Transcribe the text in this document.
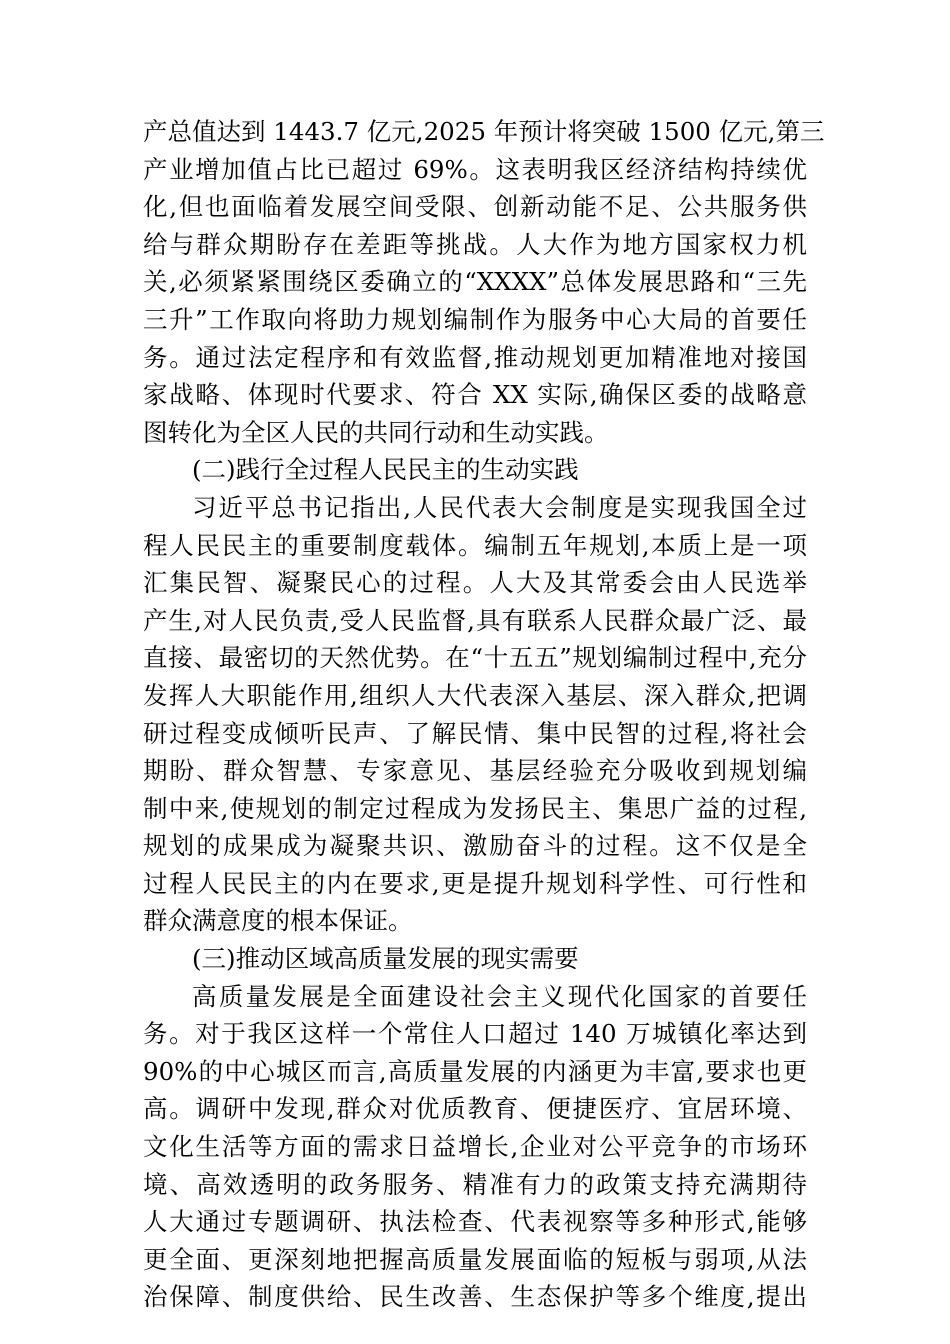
产总值达到 1443.7 亿元,2025 年预计将突破 1500 亿元,第三
产业增加值占比已超过 69%。这表明我区经济结构持续优
化,但也面临着发展空间受限、创新动能不足、公共服务供
给与群众期盼存在差距等挑战。人大作为地方国家权力机
关,必须紧紧围绕区委确立的“XXXX”总体发展思路和“三先
三升”工作取向将助力规划编制作为服务中心大局的首要任
务。通过法定程序和有效监督,推动规划更加精准地对接国
家战略、体现时代要求、符合 XX 实际,确保区委的战略意
图转化为全区人民的共同行动和生动实践。
(二)践行全过程人民民主的生动实践
习近平总书记指出,人民代表大会制度是实现我国全过
程人民民主的重要制度载体。编制五年规划,本质上是一项
汇集民智、凝聚民心的过程。人大及其常委会由人民选举
产生,对人民负责,受人民监督,具有联系人民群众最广泛、最
直接、最密切的天然优势。在“十五五”规划编制过程中,充分
发挥人大职能作用,组织人大代表深入基层、深入群众,把调
研过程变成倾听民声、了解民情、集中民智的过程,将社会
期盼、群众智慧、专家意见、基层经验充分吸收到规划编
制中来,使规划的制定过程成为发扬民主、集思广益的过程,
规划的成果成为凝聚共识、激励奋斗的过程。这不仅是全
过程人民民主的内在要求,更是提升规划科学性、可行性和
群众满意度的根本保证。
(三)推动区域高质量发展的现实需要
高质量发展是全面建设社会主义现代化国家的首要任
务。对于我区这样一个常住人口超过 140 万城镇化率达到
90%的中心城区而言,高质量发展的内涵更为丰富,要求也更
高。调研中发现,群众对优质教育、便捷医疗、宜居环境、
文化生活等方面的需求日益增长,企业对公平竞争的市场环
境、高效透明的政务服务、精准有力的政策支持充满期待
人大通过专题调研、执法检查、代表视察等多种形式,能够
更全面、更深刻地把握高质量发展面临的短板与弱项,从法
治保障、制度供给、民生改善、生态保护等多个维度,提出
